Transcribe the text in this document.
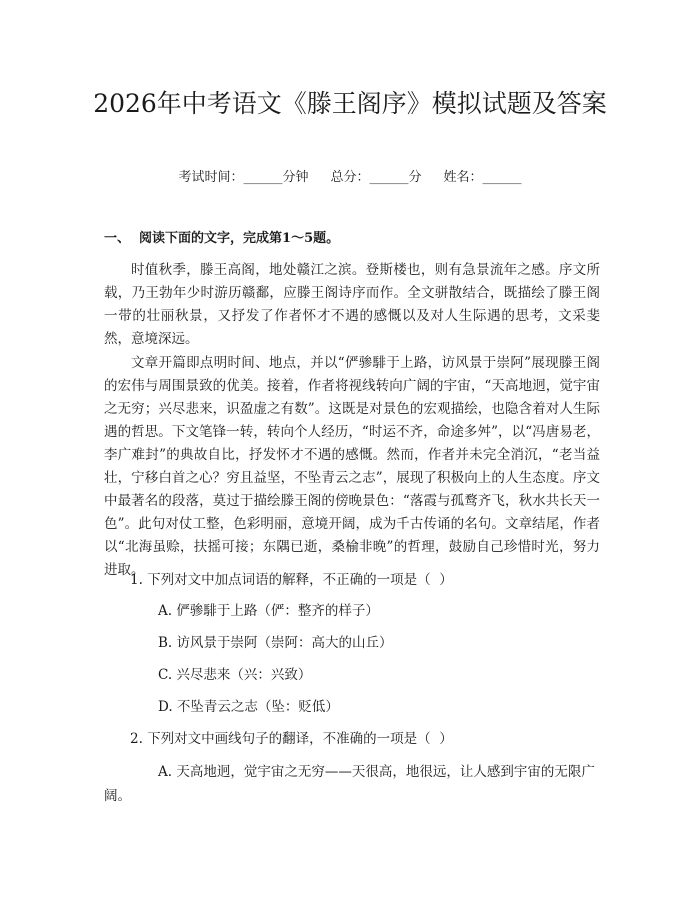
2026年中考语文《滕王阁序》模拟试题及答案
考试时间：______分钟 总分：______分 姓名：______
一、  阅读下面的文字，完成第1～5题。

时值秋季，滕王高阁，地处赣江之滨。登斯楼也，则有急景流年之感。序文所载，乃王勃年少时游历赣鄱，应滕王阁诗序而作。全文骈散结合，既描绘了滕王阁一带的壮丽秋景，又抒发了作者怀才不遇的感慨以及对人生际遇的思考，文采斐然，意境深远。

文章开篇即点明时间、地点，并以“俨骖騑于上路，访风景于崇阿”展现滕王阁的宏伟与周围景致的优美。接着，作者将视线转向广阔的宇宙，“天高地迥，觉宇宙之无穷；兴尽悲来，识盈虚之有数”。这既是对景色的宏观描绘，也隐含着对人生际遇的哲思。下文笔锋一转，转向个人经历，“时运不齐，命途多舛”，以“冯唐易老，李广难封”的典故自比，抒发怀才不遇的感慨。然而，作者并未完全消沉，“老当益壮，宁移白首之心？穷且益坚，不坠青云之志”，展现了积极向上的人生态度。序文中最著名的段落，莫过于描绘滕王阁的傍晚景色：“落霞与孤鹜齐飞，秋水共长天一色”。此句对仗工整，色彩明丽，意境开阔，成为千古传诵的名句。文章结尾，作者以“北海虽赊，扶摇可接；东隅已逝，桑榆非晚”的哲理，鼓励自己珍惜时光，努力进取。

1. 下列对文中加点词语的解释，不正确的一项是（  ）
A. 俨骖騑于上路（俨：整齐的样子）
B. 访风景于崇阿（崇阿：高大的山丘）
C. 兴尽悲来（兴：兴致）
D. 不坠青云之志（坠：贬低）
2. 下列对文中画线句子的翻译，不准确的一项是（  ）

A. 天高地迥，觉宇宙之无穷——天很高，地很远，让人感到宇宙的无限广阔。
